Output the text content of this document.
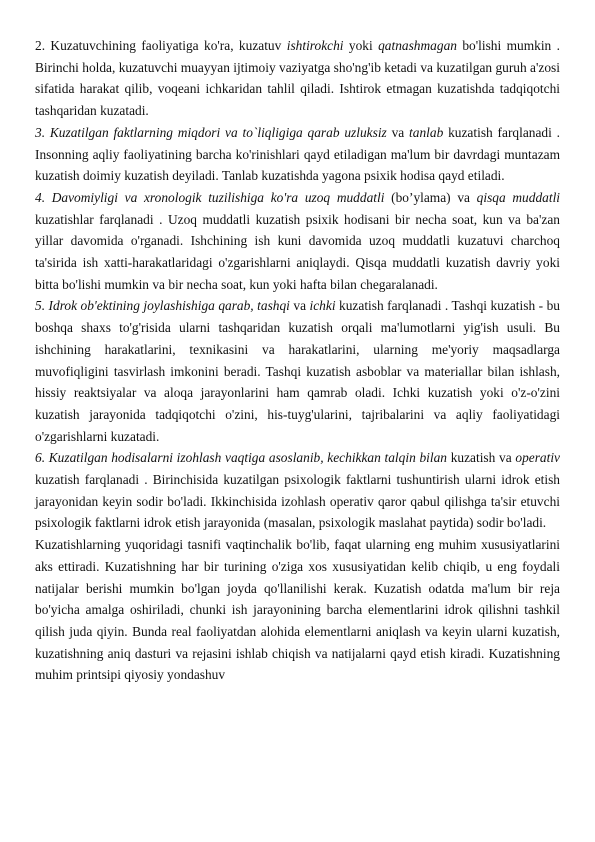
2. Kuzatuvchining faoliyatiga ko'ra, kuzatuv ishtirokchi yoki qatnashmagan bo'lishi mumkin . Birinchi holda, kuzatuvchi muayyan ijtimoiy vaziyatga sho'ng'ib ketadi va kuzatilgan guruh a'zosi sifatida harakat qilib, voqeani ichkaridan tahlil qiladi. Ishtirok etmagan kuzatishda tadqiqotchi tashqaridan kuzatadi.

3. Kuzatilgan faktlarning miqdori va to`liqligiga qarab uzluksiz va tanlab kuzatish farqlanadi . Insonning aqliy faoliyatining barcha ko'rinishlari qayd etiladigan ma'lum bir davrdagi muntazam kuzatish doimiy kuzatish deyiladi. Tanlab kuzatishda yagona psixik hodisa qayd etiladi.

4. Davomiyligi va xronologik tuzilishiga ko'ra uzoq muddatli (bo’ylama) va qisqa muddatli kuzatishlar farqlanadi . Uzoq muddatli kuzatish psixik hodisani bir necha soat, kun va ba'zan yillar davomida o'rganadi. Ishchining ish kuni davomida uzoq muddatli kuzatuvi charchoq ta'sirida ish xatti-harakatlaridagi o'zgarishlarni aniqlaydi. Qisqa muddatli kuzatish davriy yoki bitta bo'lishi mumkin va bir necha soat, kun yoki hafta bilan chegaralanadi.

5. Idrok ob'ektining joylashishiga qarab, tashqi va ichki kuzatish farqlanadi . Tashqi kuzatish - bu boshqa shaxs to'g'risida ularni tashqaridan kuzatish orqali ma'lumotlarni yig'ish usuli. Bu ishchining harakatlarini, texnikasini va harakatlarini, ularning me'yoriy maqsadlarga muvofiqligini tasvirlash imkonini beradi. Tashqi kuzatish asboblar va materiallar bilan ishlash, hissiy reaktsiyalar va aloqa jarayonlarini ham qamrab oladi. Ichki kuzatish yoki o'z-o'zini kuzatish jarayonida tadqiqotchi o'zini, his-tuyg'ularini, tajribalarini va aqliy faoliyatidagi o'zgarishlarni kuzatadi.

6. Kuzatilgan hodisalarni izohlash vaqtiga asoslanib, kechikkan talqin bilan kuzatish va operativ kuzatish farqlanadi . Birinchisida kuzatilgan psixologik faktlarni tushuntirish ularni idrok etish jarayonidan keyin sodir bo'ladi. Ikkinchisida izohlash operativ qaror qabul qilishga ta'sir etuvchi psixologik faktlarni idrok etish jarayonida (masalan, psixologik maslahat paytida) sodir bo'ladi.

Kuzatishlarning yuqoridagi tasnifi vaqtinchalik bo'lib, faqat ularning eng muhim xususiyatlarini aks ettiradi. Kuzatishning har bir turining o'ziga xos xususiyatidan kelib chiqib, u eng foydali natijalar berishi mumkin bo'lgan joyda qo'llanilishi kerak. Kuzatish odatda ma'lum bir reja bo'yicha amalga oshiriladi, chunki ish jarayonining barcha elementlarini idrok qilishni tashkil qilish juda qiyin. Bunda real faoliyatdan alohida elementlarni aniqlash va keyin ularni kuzatish, kuzatishning aniq dasturi va rejasini ishlab chiqish va natijalarni qayd etish kiradi. Kuzatishning muhim printsipi qiyosiy yondashuv
